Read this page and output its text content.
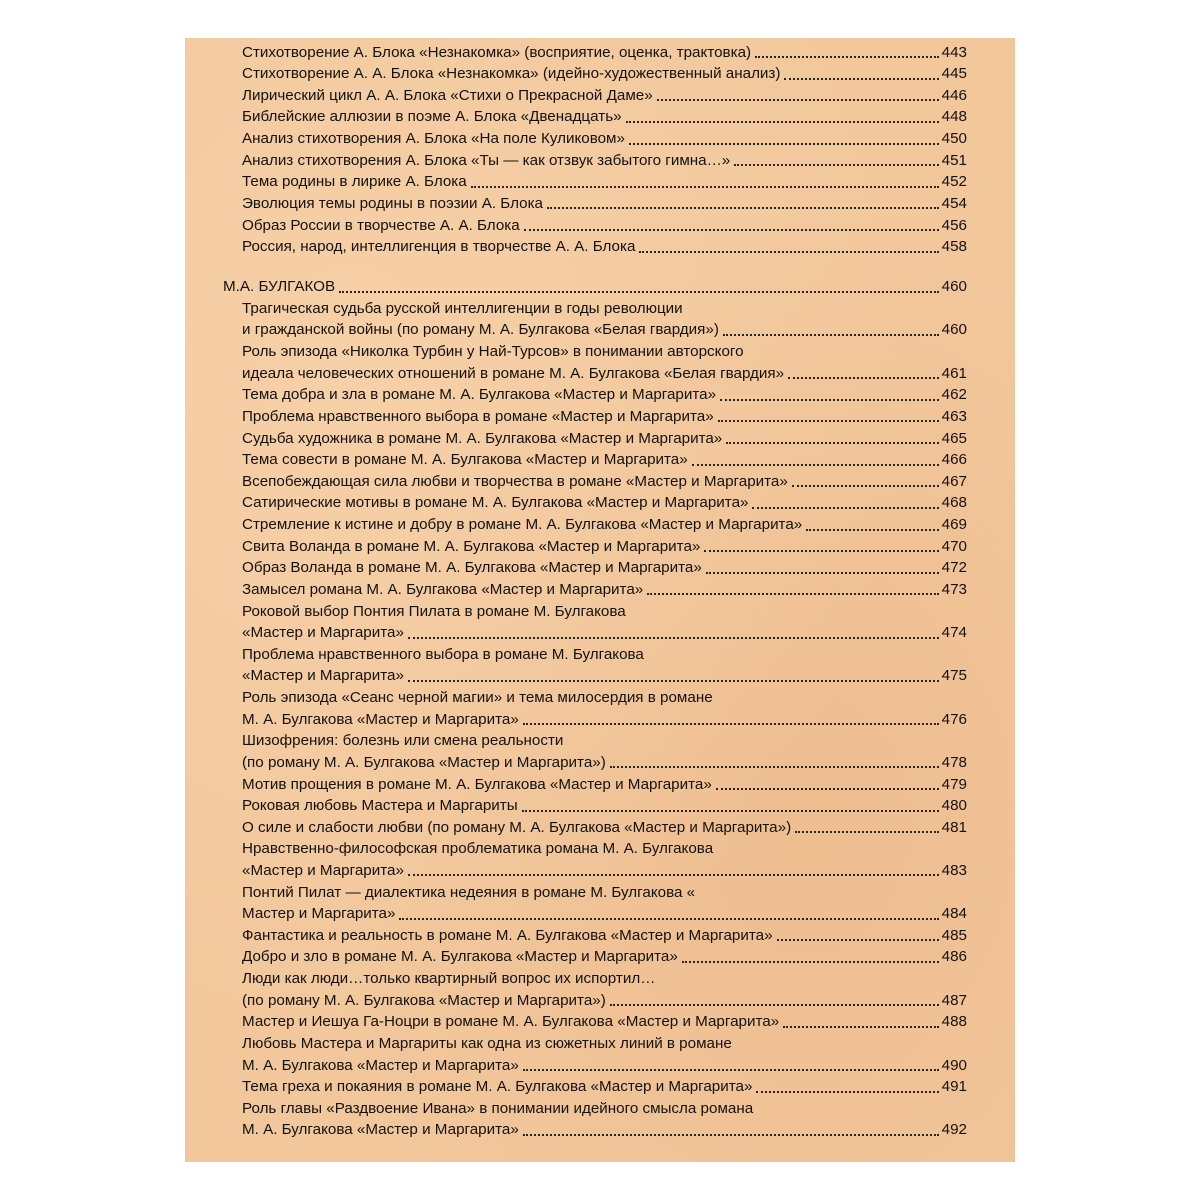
Стихотворение А. Блока «Незнакомка» (восприятие, оценка, трактовка)	443
Стихотворение А. А. Блока «Незнакомка» (идейно-художественный анализ)	445
Лирический цикл А. А. Блока «Стихи о Прекрасной Даме»	446
Библейские аллюзии в поэме А. Блока «Двенадцать»	448
Анализ стихотворения А. Блока «На поле Куликовом»	450
Анализ стихотворения А. Блока «Ты — как отзвук забытого гимна…»	451
Тема родины в лирике А. Блока	452
Эволюция темы родины в поэзии А. Блока	454
Образ России в творчестве А. А. Блока	456
Россия, народ, интеллигенция в творчестве А. А. Блока	458
М.А. БУЛГАКОВ	460
Трагическая судьба русской интеллигенции в годы революции
и гражданской войны (по роману М. А. Булгакова «Белая гвардия»)	460
Роль эпизода «Николка Турбин у Най-Турсов» в понимании авторского
идеала человеческих отношений в романе М. А. Булгакова «Белая гвардия»	461
Тема добра и зла в романе М. А. Булгакова «Мастер и Маргарита»	462
Проблема нравственного выбора в романе «Мастер и Маргарита»	463
Судьба художника в романе М. А. Булгакова «Мастер и Маргарита»	465
Тема совести в романе М. А. Булгакова «Мастер и Маргарита»	466
Всепобеждающая сила любви и творчества в романе «Мастер и Маргарита»	467
Сатирические мотивы в романе М. А. Булгакова «Мастер и Маргарита»	468
Стремление к истине и добру в романе М. А. Булгакова «Мастер и Маргарита»	469
Свита Воланда в романе М. А. Булгакова «Мастер и Маргарита»	470
Образ Воланда в романе М. А. Булгакова «Мастер и Маргарита»	472
Замысел романа М. А. Булгакова «Мастер и Маргарита»	473
Роковой выбор Понтия Пилата в романе М. Булгакова
«Мастер и Маргарита»	474
Проблема нравственного выбора в романе М. Булгакова
«Мастер и Маргарита»	475
Роль эпизода «Сеанс черной магии» и тема милосердия в романе
М. А. Булгакова «Мастер и Маргарита»	476
Шизофрения: болезнь или смена реальности
(по роману М. А. Булгакова «Мастер и Маргарита»)	478
Мотив прощения в романе М. А. Булгакова «Мастер и Маргарита»	479
Роковая любовь Мастера и Маргариты	480
О силе и слабости любви (по роману М. А. Булгакова «Мастер и Маргарита»)	481
Нравственно-философская проблематика романа М. А. Булгакова
«Мастер и Маргарита»	483
Понтий Пилат — диалектика недеяния в романе М. Булгакова «
Мастер и Маргарита»	484
Фантастика и реальность в романе М. А. Булгакова «Мастер и Маргарита»	485
Добро и зло в романе М. А. Булгакова «Мастер и Маргарита»	486
Люди как люди…только квартирный вопрос их испортил…
(по роману М. А. Булгакова «Мастер и Маргарита»)	487
Мастер и Иешуа Га-Ноцри в романе М. А. Булгакова «Мастер и Маргарита»	488
Любовь Мастера и Маргариты как одна из сюжетных линий в романе
М. А. Булгакова «Мастер и Маргарита»	490
Тема греха и покаяния в романе М. А. Булгакова «Мастер и Маргарита»	491
Роль главы «Раздвоение Ивана» в понимании идейного смысла романа
М. А. Булгакова «Мастер и Маргарита»	492
